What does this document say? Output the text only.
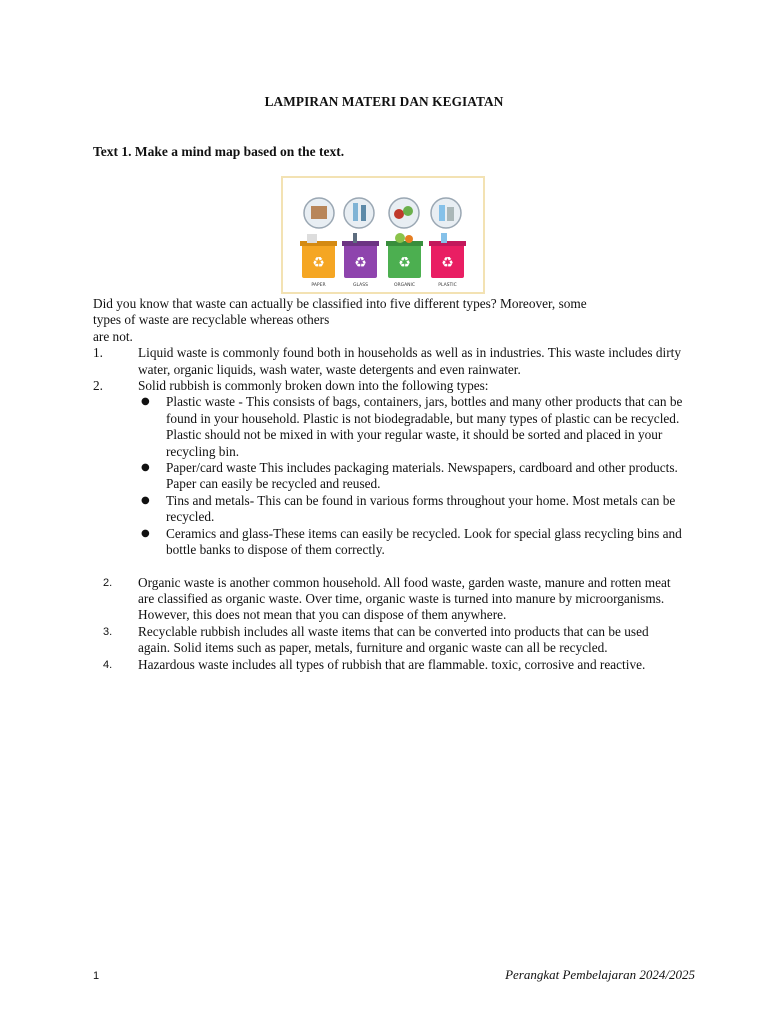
LAMPIRAN MATERI DAN KEGIATAN
Text 1. Make a mind map based on the text.
♻ ♻ ♻ ♻
PAPER	GLASS	ORGANIC	PLASTIC

Did you know that waste can actually be classified into five different types? Moreover, some

types of waste are recyclable whereas others

are not.

1.	Liquid waste is commonly found both in households as well as in industries. This waste includes dirty water, organic liquids, wash water, waste detergents and even rainwater.
2.	Solid rubbish is commonly broken down into the following types:
● Plastic waste - This consists of bags, containers, jars, bottles and many other products that can be found in your household. Plastic is not biodegradable, but many types of plastic can be recycled. Plastic should not be mixed in with your regular waste, it should be sorted and placed in your recycling bin.
● Paper/card waste This includes packaging materials. Newspapers, cardboard and other products. Paper can easily be recycled and reused.
● Tins and metals- This can be found in various forms throughout your home. Most metals can be recycled.
● Ceramics and glass-These items can easily be recycled. Look for special glass recycling bins and bottle banks to dispose of them correctly.
2. Organic waste is another common household. All food waste, garden waste, manure and rotten meat are classified as organic waste. Over time, organic waste is turned into manure by microorganisms. However, this does not mean that you can dispose of them anywhere.
3. Recyclable rubbish includes all waste items that can be converted into products that can be used again. Solid items such as paper, metals, furniture and organic waste can all be recycled.
4. Hazardous waste includes all types of rubbish that are flammable. toxic, corrosive and reactive.
1	Perangkat Pembelajaran 2024/2025
